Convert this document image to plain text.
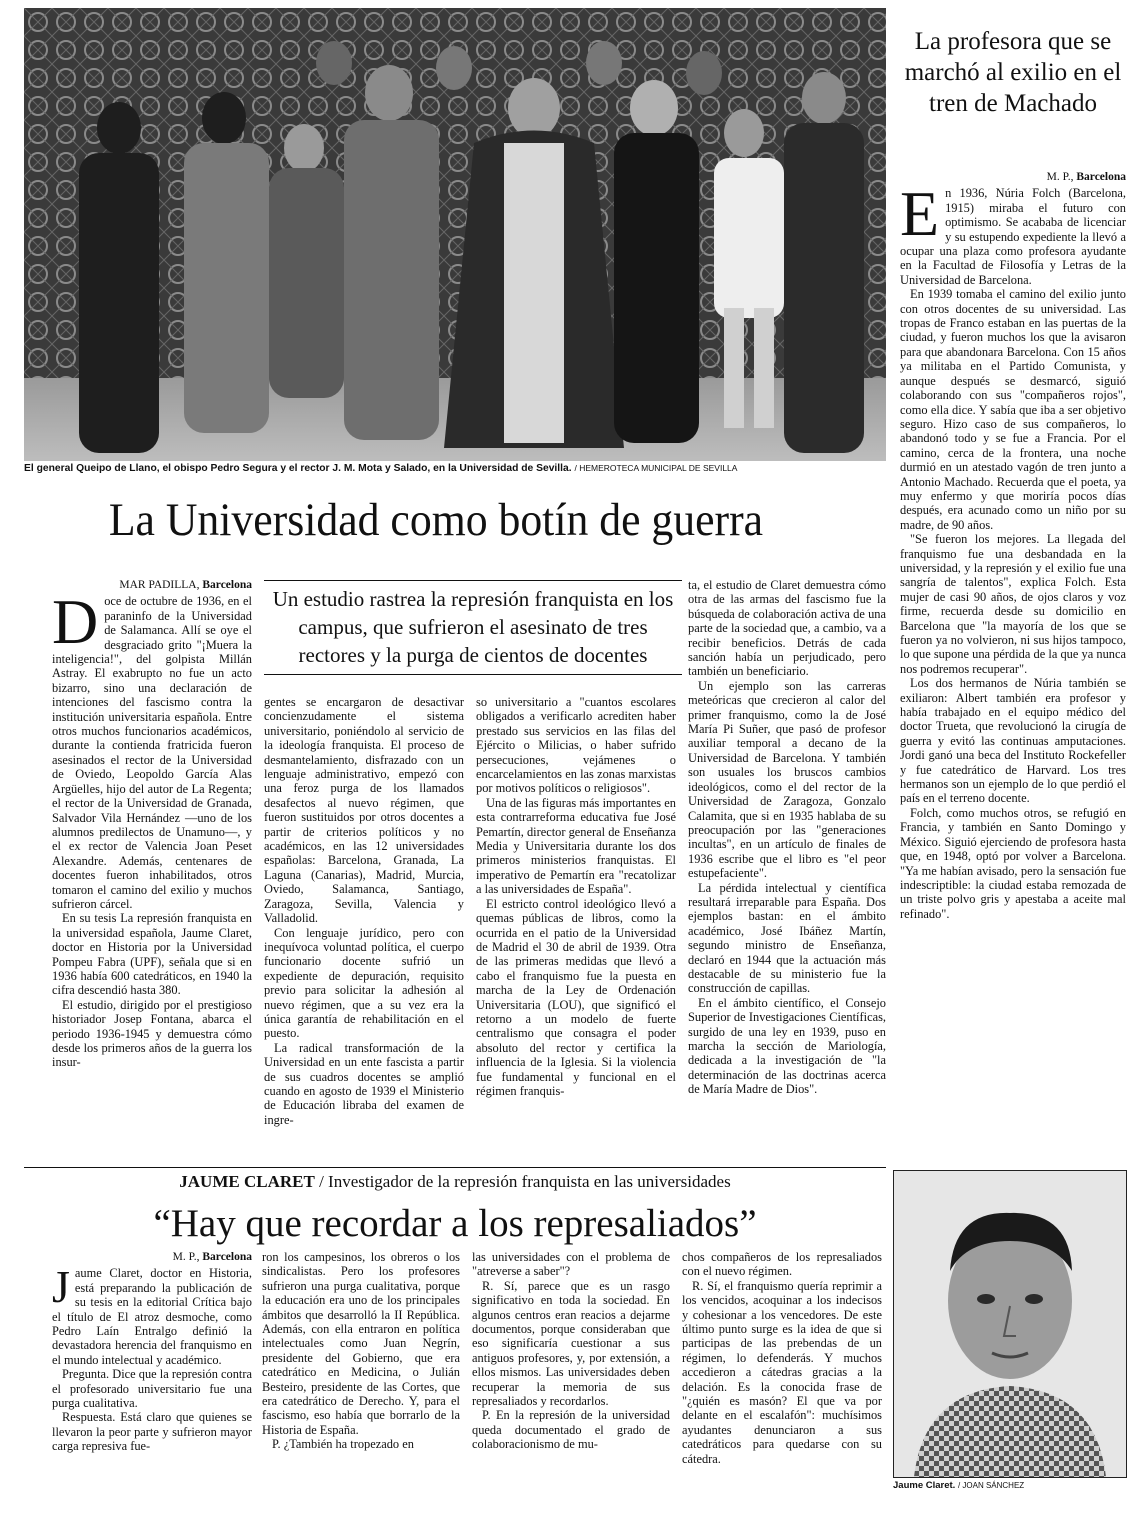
El general Queipo de Llano, el obispo Pedro Segura y el rector J. M. Mota y Salado, en la Universidad de Sevilla. / HEMEROTECA MUNICIPAL DE SEVILLA
La Universidad como botín de guerra
La profesora que se marchó al exilio en el tren de Machado
M. P., Barcelona
E n 1936, Núria Folch (Barcelona, 1915) miraba el futuro con optimismo. Se acababa de licenciar y su estupendo expediente la llevó a ocupar una plaza como profesora ayudante en la Facultad de Filosofía y Letras de la Universidad de Barcelona.

En 1939 tomaba el camino del exilio junto con otros docentes de su universidad. Las tropas de Franco estaban en las puertas de la ciudad, y fueron muchos los que la avisaron para que abandonara Barcelona. Con 15 años ya militaba en el Partido Comunista, y aunque después se desmarcó, siguió colaborando con sus "compañeros rojos", como ella dice. Y sabía que iba a ser objetivo seguro. Hizo caso de sus compañeros, lo abandonó todo y se fue a Francia. Por el camino, cerca de la frontera, una noche durmió en un atestado vagón de tren junto a Antonio Machado. Recuerda que el poeta, ya muy enfermo y que moriría pocos días después, era acunado como un niño por su madre, de 90 años.

"Se fueron los mejores. La llegada del franquismo fue una desbandada en la universidad, y la represión y el exilio fue una sangría de talentos", explica Folch. Esta mujer de casi 90 años, de ojos claros y voz firme, recuerda desde su domicilio en Barcelona que "la mayoría de los que se fueron ya no volvieron, ni sus hijos tampoco, lo que supone una pérdida de la que ya nunca nos podremos recuperar".

Los dos hermanos de Núria también se exiliaron: Albert también era profesor y había trabajado en el equipo médico del doctor Trueta, que revolucionó la cirugía de guerra y evitó las continuas amputaciones. Jordi ganó una beca del Instituto Rockefeller y fue catedrático de Harvard. Los tres hermanos son un ejemplo de lo que perdió el país en el terreno docente.

Folch, como muchos otros, se refugió en Francia, y también en Santo Domingo y México. Siguió ejerciendo de profesora hasta que, en 1948, optó por volver a Barcelona. "Ya me habían avisado, pero la sensación fue indescriptible: la ciudad estaba remozada de un triste polvo gris y apestaba a aceite mal refinado".

MAR PADILLA, Barcelona
D oce de octubre de 1936, en el paraninfo de la Universidad de Salamanca. Allí se oye el desgraciado grito "¡Muera la inteligencia!", del golpista Millán Astray. El exabrupto no fue un acto bizarro, sino una declaración de intenciones del fascismo contra la institución universitaria española. Entre otros muchos funcionarios académicos, durante la contienda fratricida fueron asesinados el rector de la Universidad de Oviedo, Leopoldo García Alas Argüelles, hijo del autor de La Regenta; el rector de la Universidad de Granada, Salvador Vila Hernández —uno de los alumnos predilectos de Unamuno—, y el ex rector de Valencia Joan Peset Alexandre. Además, centenares de docentes fueron inhabilitados, otros tomaron el camino del exilio y muchos sufrieron cárcel.

En su tesis La represión franquista en la universidad española, Jaume Claret, doctor en Historia por la Universidad Pompeu Fabra (UPF), señala que si en 1936 había 600 catedráticos, en 1940 la cifra descendió hasta 380.

El estudio, dirigido por el prestigioso historiador Josep Fontana, abarca el periodo 1936-1945 y demuestra cómo desde los primeros años de la guerra los insur-

Un estudio rastrea la represión franquista en los campus, que sufrieron el asesinato de tres rectores y la purga de cientos de docentes

gentes se encargaron de desactivar concienzudamente el sistema universitario, poniéndolo al servicio de la ideología franquista. El proceso de desmantelamiento, disfrazado con un lenguaje administrativo, empezó con una feroz purga de los llamados desafectos al nuevo régimen, que fueron sustituidos por otros docentes a partir de criterios políticos y no académicos, en las 12 universidades españolas: Barcelona, Granada, La Laguna (Canarias), Madrid, Murcia, Oviedo, Salamanca, Santiago, Zaragoza, Sevilla, Valencia y Valladolid.

Con lenguaje jurídico, pero con inequívoca voluntad política, el cuerpo funcionario docente sufrió un expediente de depuración, requisito previo para solicitar la adhesión al nuevo régimen, que a su vez era la única garantía de rehabilitación en el puesto.

La radical transformación de la Universidad en un ente fascista a partir de sus cuadros docentes se amplió cuando en agosto de 1939 el Ministerio de Educación libraba del examen de ingre-

so universitario a "cuantos escolares obligados a verificarlo acrediten haber prestado sus servicios en las filas del Ejército o Milicias, o haber sufrido persecuciones, vejámenes o encarcelamientos en las zonas marxistas por motivos políticos o religiosos".

Una de las figuras más importantes en esta contrarreforma educativa fue José Pemartín, director general de Enseñanza Media y Universitaria durante los dos primeros ministerios franquistas. El imperativo de Pemartín era "recatolizar a las universidades de España".

El estricto control ideológico llevó a quemas públicas de libros, como la ocurrida en el patio de la Universidad de Madrid el 30 de abril de 1939. Otra de las primeras medidas que llevó a cabo el franquismo fue la puesta en marcha de la Ley de Ordenación Universitaria (LOU), que significó el retorno a un modelo de fuerte centralismo que consagra el poder absoluto del rector y certifica la influencia de la Iglesia. Si la violencia fue fundamental y funcional en el régimen franquis-

ta, el estudio de Claret demuestra cómo otra de las armas del fascismo fue la búsqueda de colaboración activa de una parte de la sociedad que, a cambio, va a recibir beneficios. Detrás de cada sanción había un perjudicado, pero también un beneficiario.

Un ejemplo son las carreras meteóricas que crecieron al calor del primer franquismo, como la de José María Pi Suñer, que pasó de profesor auxiliar temporal a decano de la Universidad de Barcelona. Y también son usuales los bruscos cambios ideológicos, como el del rector de la Universidad de Zaragoza, Gonzalo Calamita, que si en 1935 hablaba de su preocupación por las "generaciones incultas", en un artículo de finales de 1936 escribe que el libro es "el peor estupefaciente".

La pérdida intelectual y científica resultará irreparable para España. Dos ejemplos bastan: en el ámbito académico, José Ibáñez Martín, segundo ministro de Enseñanza, declaró en 1944 que la actuación más destacable de su ministerio fue la construcción de capillas.

En el ámbito científico, el Consejo Superior de Investigaciones Científicas, surgido de una ley en 1939, puso en marcha la sección de Mariología, dedicada a la investigación de "la determinación de las doctrinas acerca de María Madre de Dios".

JAUME CLARET / Investigador de la represión franquista en las universidades
“Hay que recordar a los represaliados”
M. P., Barcelona
J aume Claret, doctor en Historia, está preparando la publicación de su tesis en la editorial Crítica bajo el título de El atroz desmoche, como Pedro Laín Entralgo definió la devastadora herencia del franquismo en el mundo intelectual y académico.

Pregunta. Dice que la represión contra el profesorado universitario fue una purga cualitativa.

Respuesta. Está claro que quienes se llevaron la peor parte y sufrieron mayor carga represiva fue-

ron los campesinos, los obreros o los sindicalistas. Pero los profesores sufrieron una purga cualitativa, porque la educación era uno de los principales ámbitos que desarrolló la II República. Además, con ella entraron en política intelectuales como Juan Negrín, presidente del Gobierno, que era catedrático en Medicina, o Julián Besteiro, presidente de las Cortes, que era catedrático de Derecho. Y, para el fascismo, eso había que borrarlo de la Historia de España.

P. ¿También ha tropezado en

las universidades con el problema de "atreverse a saber"?

R. Sí, parece que es un rasgo significativo en toda la sociedad. En algunos centros eran reacios a dejarme documentos, porque consideraban que eso significaría cuestionar a sus antiguos profesores, y, por extensión, a ellos mismos. Las universidades deben recuperar la memoria de sus represaliados y recordarlos.

P. En la represión de la universidad queda documentado el grado de colaboracionismo de mu-

chos compañeros de los represaliados con el nuevo régimen.

R. Sí, el franquismo quería reprimir a los vencidos, acoquinar a los indecisos y cohesionar a los vencedores. De este último punto surge es la idea de que si participas de las prebendas de un régimen, lo defenderás. Y muchos accedieron a cátedras gracias a la delación. Es la conocida frase de "¿quién es masón? El que va por delante en el escalafón": muchísimos ayudantes denunciaron a sus catedráticos para quedarse con su cátedra.

Jaume Claret. / JOAN SÁNCHEZ
